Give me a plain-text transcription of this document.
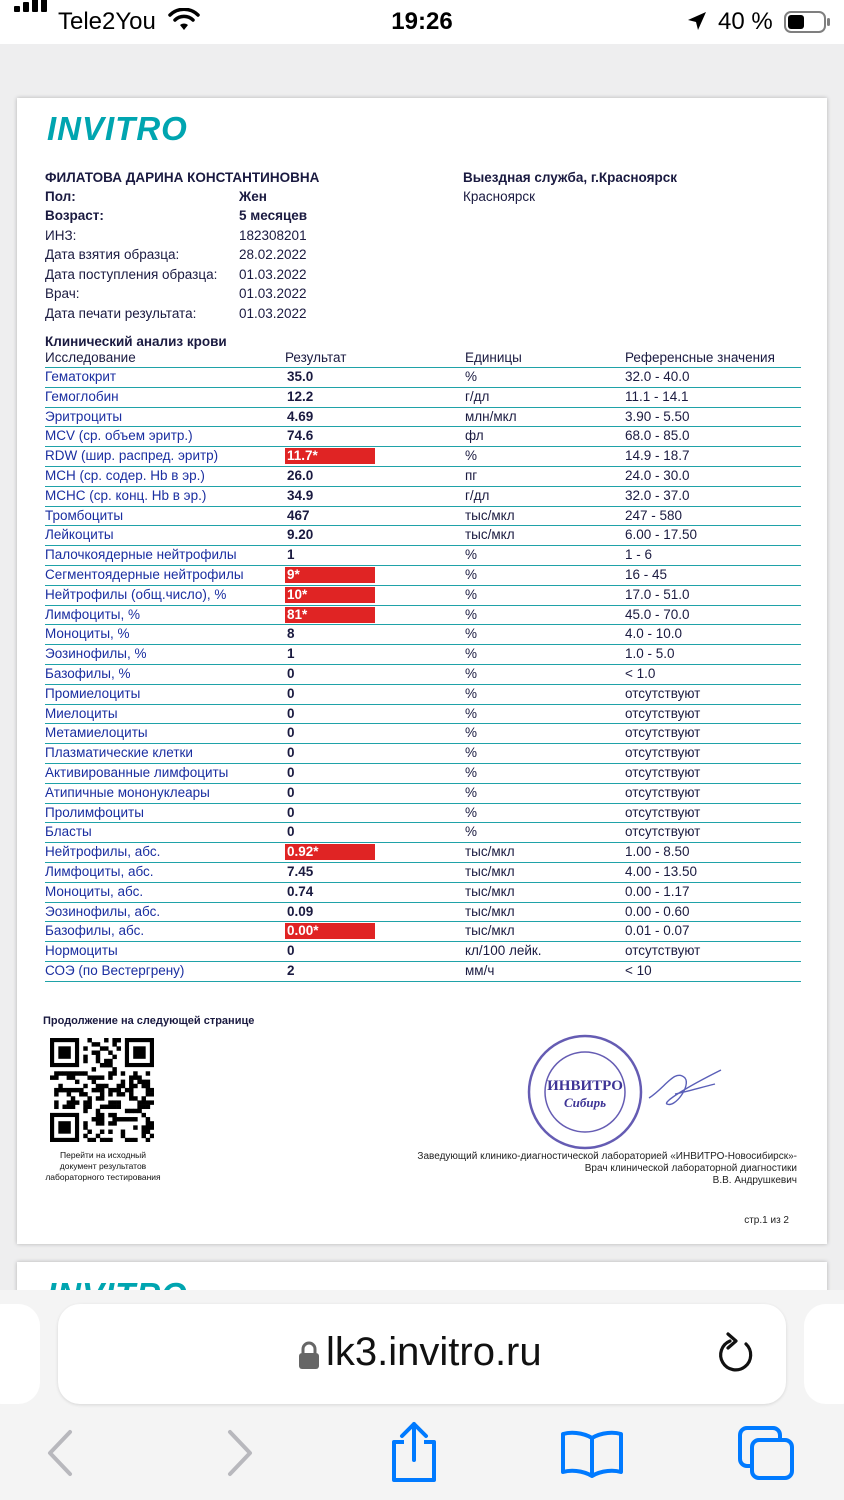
Tele2You	19:26	40 %
INVITRO
ФИЛАТОВА ДАРИНА КОНСТАНТИНОВНА
Пол:	Жен
Возраст:	5 месяцев
ИНЗ:	182308201
Дата взятия образца:	28.02.2022
Дата поступления образца: 01.03.2022
Врач:	01.03.2022
Дата печати результата:	01.03.2022
Выездная служба, г.Красноярск
Красноярск
Клинический анализ крови
Исследование	Результат	Единицы	Референсные значения
Гематокрит	35.0	%	32.0 - 40.0
Гемоглобин	12.2	г/дл	11.1 - 14.1
Эритроциты	4.69	млн/мкл	3.90 - 5.50
MCV (ср. объем эритр.)	74.6	фл	68.0 - 85.0
RDW (шир. распред. эритр)	11.7*	%	14.9 - 18.7
MCH (ср. содер. Hb в эр.)	26.0	пг	24.0 - 30.0
MCHC (ср. конц. Hb в эр.)	34.9	г/дл	32.0 - 37.0
Тромбоциты	467	тыс/мкл	247 - 580
Лейкоциты	9.20	тыс/мкл	6.00 - 17.50
Палочкоядерные нейтрофилы	1	%	1 - 6
Сегментоядерные нейтрофилы	9*	%	16 - 45
Нейтрофилы (общ.число), %	10*	%	17.0 - 51.0
Лимфоциты, %	81*	%	45.0 - 70.0
Моноциты, %	8	%	4.0 - 10.0
Эозинофилы, %	1	%	1.0 - 5.0
Базофилы, %	0	%	< 1.0
Промиелоциты	0	%	отсутствуют
Миелоциты	0	%	отсутствуют
Метамиелоциты	0	%	отсутствуют
Плазматические клетки	0	%	отсутствуют
Активированные лимфоциты	0	%	отсутствуют
Атипичные мононуклеары	0	%	отсутствуют
Пролимфоциты	0	%	отсутствуют
Бласты	0	%	отсутствуют
Нейтрофилы, абс.	0.92*	тыс/мкл	1.00 - 8.50
Лимфоциты, абс.	7.45	тыс/мкл	4.00 - 13.50
Моноциты, абс.	0.74	тыс/мкл	0.00 - 1.17
Эозинофилы, абс.	0.09	тыс/мкл	0.00 - 0.60
Базофилы, абс.	0.00*	тыс/мкл	0.01 - 0.07
Нормоциты	0	кл/100 лейк.	отсутствуют
СОЭ (по Вестергрену)	2	мм/ч	< 10
Продолжение на следующей странице
Перейти на исходный
документ результатов
лабораторного тестирования
ИНВИТРО
Сибирь
Заведующий клинико-диагностической лабораторией «ИНВИТРО-Новосибирск»-
Врач клинической лабораторной диагностики
В.В. Андрушкевич
стр.1 из 2
lk3.invitro.ru
